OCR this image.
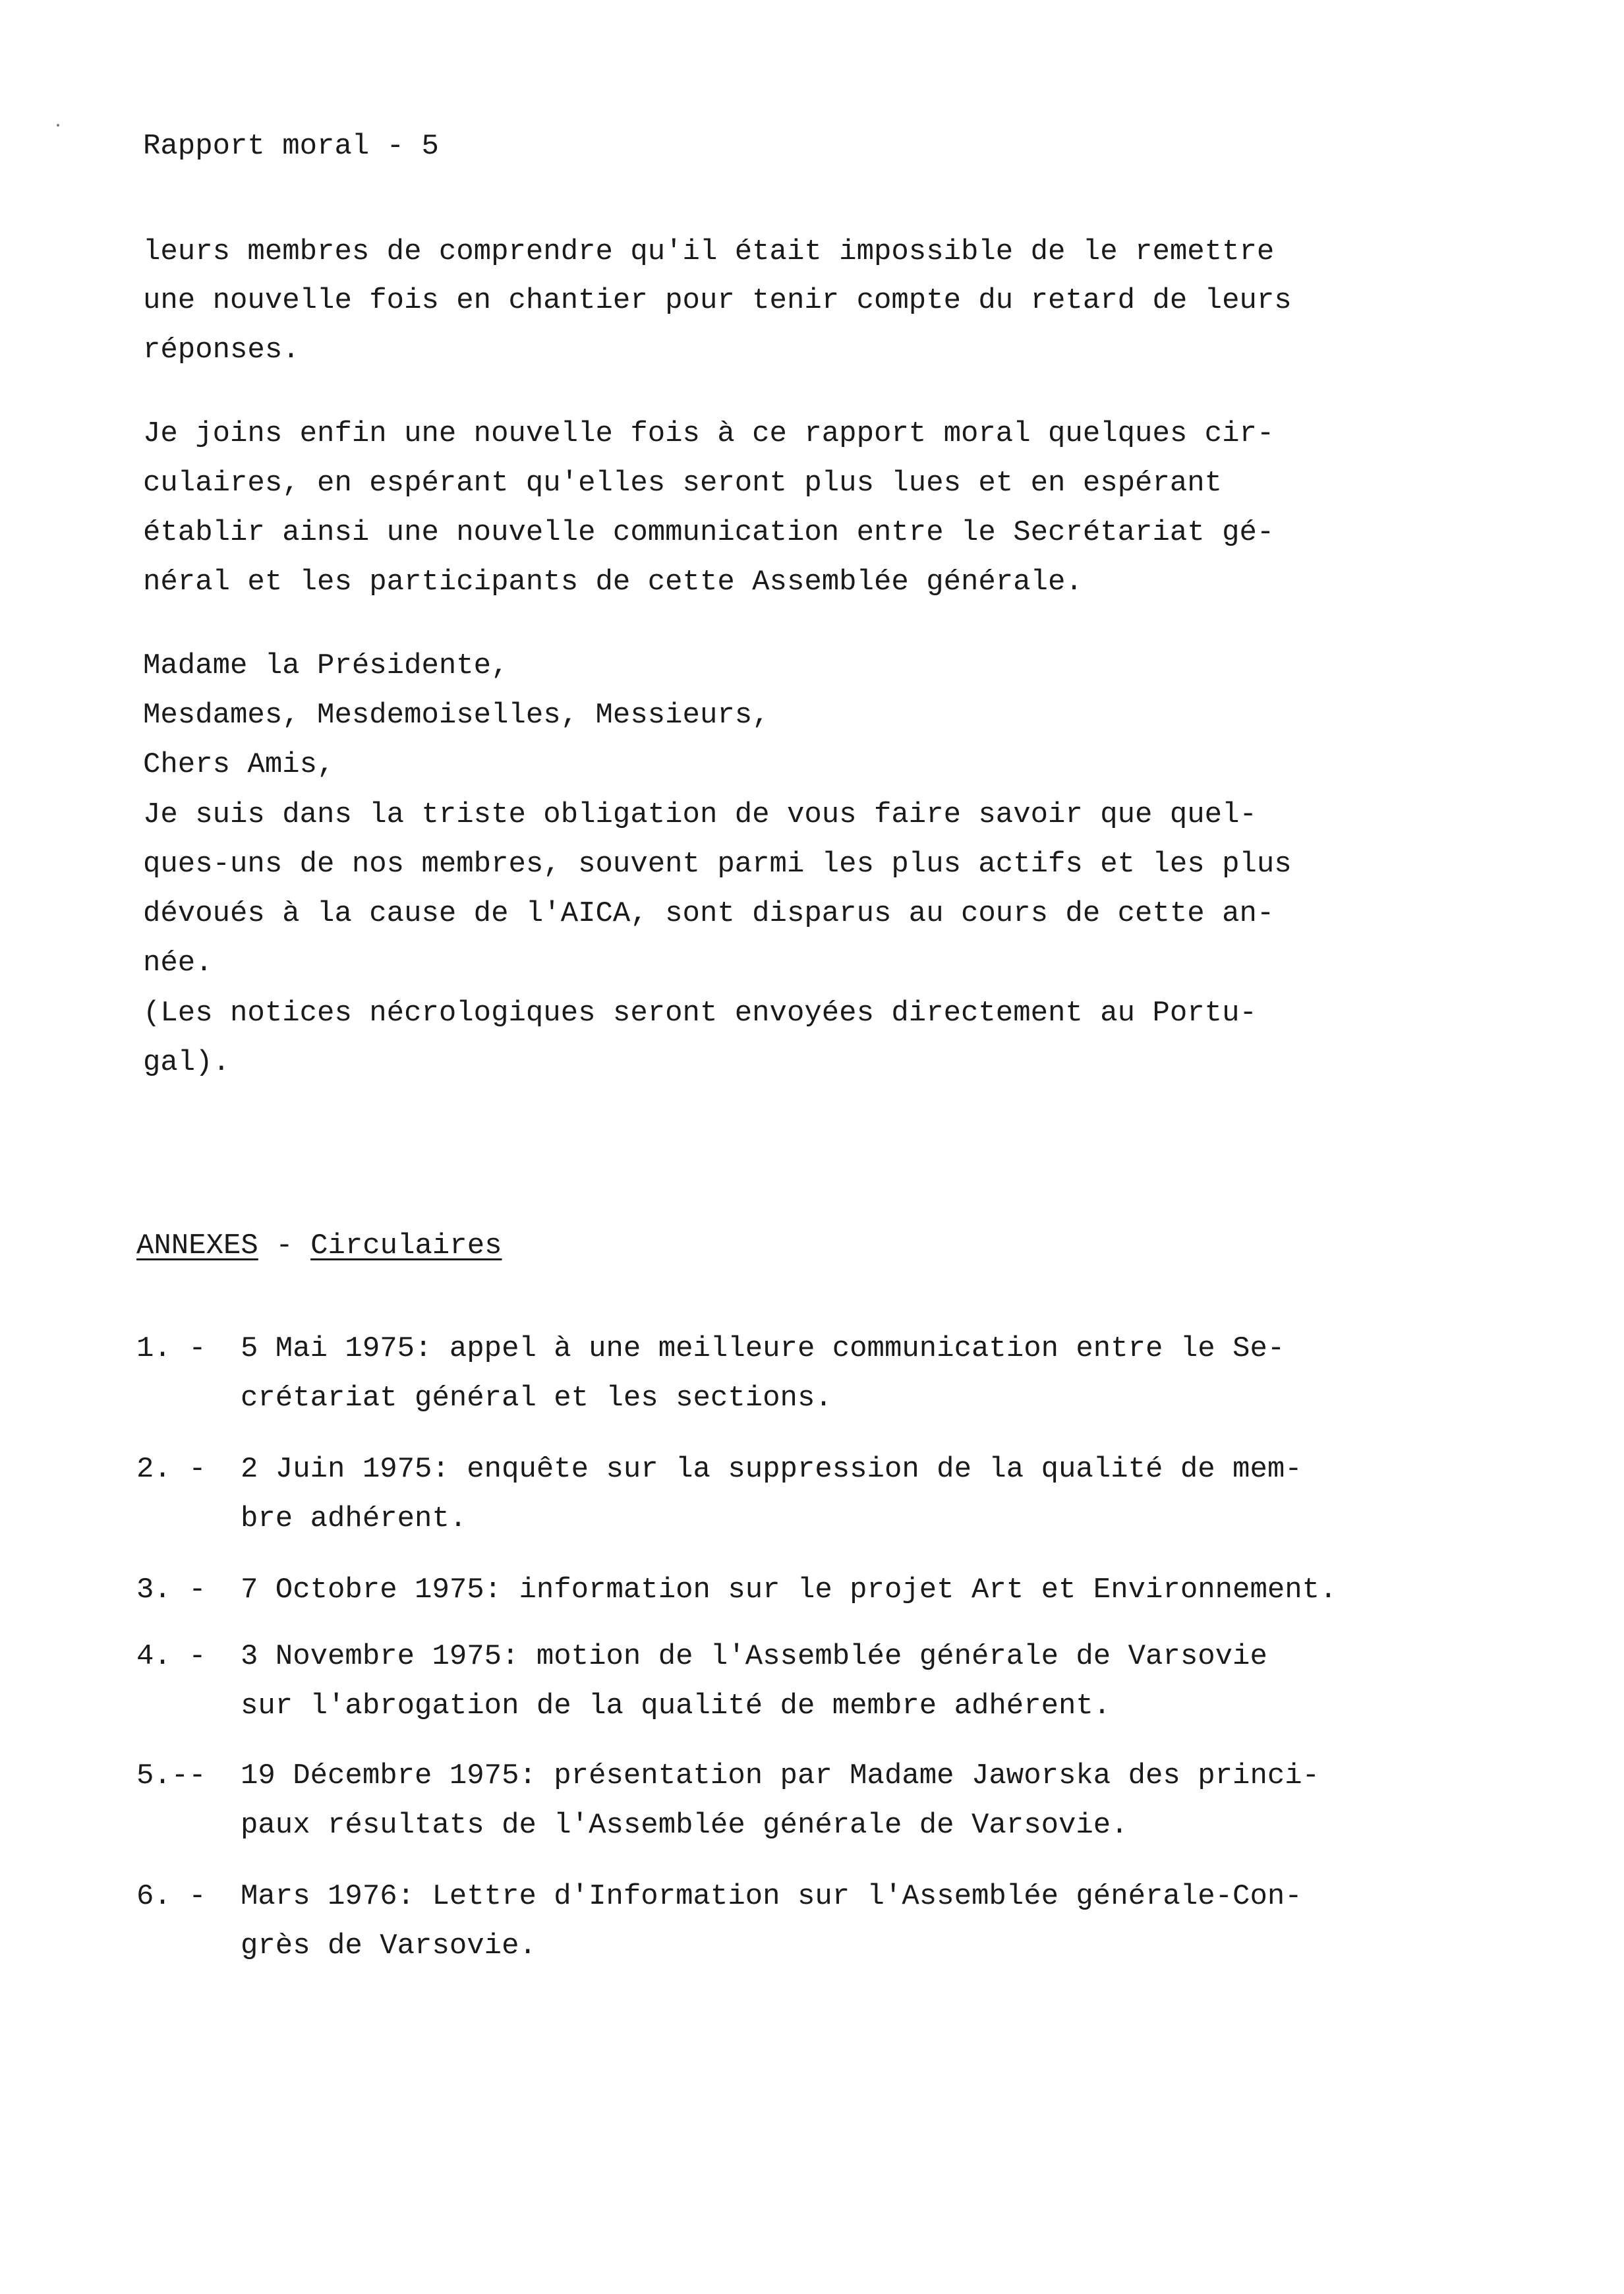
Rapport moral - 5
leurs membres de comprendre qu'il était impossible de le remettre
une nouvelle fois en chantier pour tenir compte du retard de leurs
réponses.
Je joins enfin une nouvelle fois à ce rapport moral quelques cir-
culaires, en espérant qu'elles seront plus lues et en espérant
établir ainsi une nouvelle communication entre le Secrétariat gé-
néral et les participants de cette Assemblée générale.
Madame la Présidente,
Mesdames, Mesdemoiselles, Messieurs,
Chers Amis,
Je suis dans la triste obligation de vous faire savoir que quel-
ques-uns de nos membres, souvent parmi les plus actifs et les plus
dévoués à la cause de l'AICA, sont disparus au cours de cette an-
née.
(Les notices nécrologiques seront envoyées directement au Portu-
gal).
ANNEXES - Circulaires
1. - 5 Mai 1975: appel à une meilleure communication entre le Se-
crétariat général et les sections.
2. - 2 Juin 1975: enquête sur la suppression de la qualité de mem-
bre adhérent.
3. - 7 Octobre 1975: information sur le projet Art et Environnement.
4. - 3 Novembre 1975: motion de l'Assemblée générale de Varsovie
sur l'abrogation de la qualité de membre adhérent.
5.-- 19 Décembre 1975: présentation par Madame Jaworska des princi-
paux résultats de l'Assemblée générale de Varsovie.
6. - Mars 1976: Lettre d'Information sur l'Assemblée générale-Con-
grès de Varsovie.
